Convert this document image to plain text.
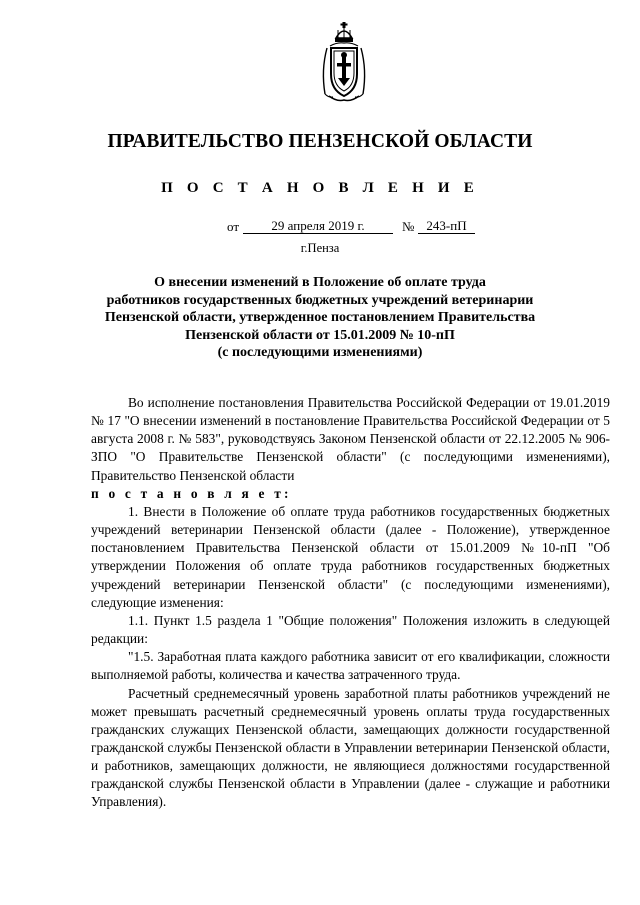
ПРАВИТЕЛЬСТВО ПЕНЗЕНСКОЙ ОБЛАСТИ
П О С Т А Н О В Л Е Н И Е
от	29 апреля 2019 г.	№ 243-пП
г.Пенза
О внесении изменений в Положение об оплате труда
работников государственных бюджетных учреждений ветеринарии
Пензенской области, утвержденное постановлением Правительства
Пензенской области от 15.01.2009 № 10-пП
(с последующими изменениями)

Во исполнение постановления Правительства Российской Федерации от 19.01.2019 № 17 "О внесении изменений в постановление Правительства Российской Федерации от 5 августа 2008 г. № 583", руководствуясь Законом Пензенской области от 22.12.2005 № 906-ЗПО "О Правительстве Пензенской области" (с последующими изменениями), Правительство Пензенской области

п о с т а н о в л я е т:

1. Внести в Положение об оплате труда работников государственных бюджетных учреждений ветеринарии Пензенской области (далее - Положение), утвержденное постановлением Правительства Пензенской области от 15.01.2009 №10-пП "Об утверждении Положения об оплате труда работников государственных бюджетных учреждений ветеринарии Пензенской области" (с последующими изменениями), следующие изменения:

1.1. Пункт 1.5 раздела 1 "Общие положения" Положения изложить в следующей редакции:

"1.5. Заработная плата каждого работника зависит от его квалификации, сложности выполняемой работы, количества и качества затраченного труда.

Расчетный среднемесячный уровень заработной платы работников учреждений не может превышать расчетный среднемесячный уровень оплаты труда государственных гражданских служащих Пензенской области, замещающих должности государственной гражданской службы Пензенской области в Управлении ветеринарии Пензенской области, и работников, замещающих должности, не являющиеся должностями государственной гражданской службы Пензенской области в Управлении (далее - служащие и работники Управления).
